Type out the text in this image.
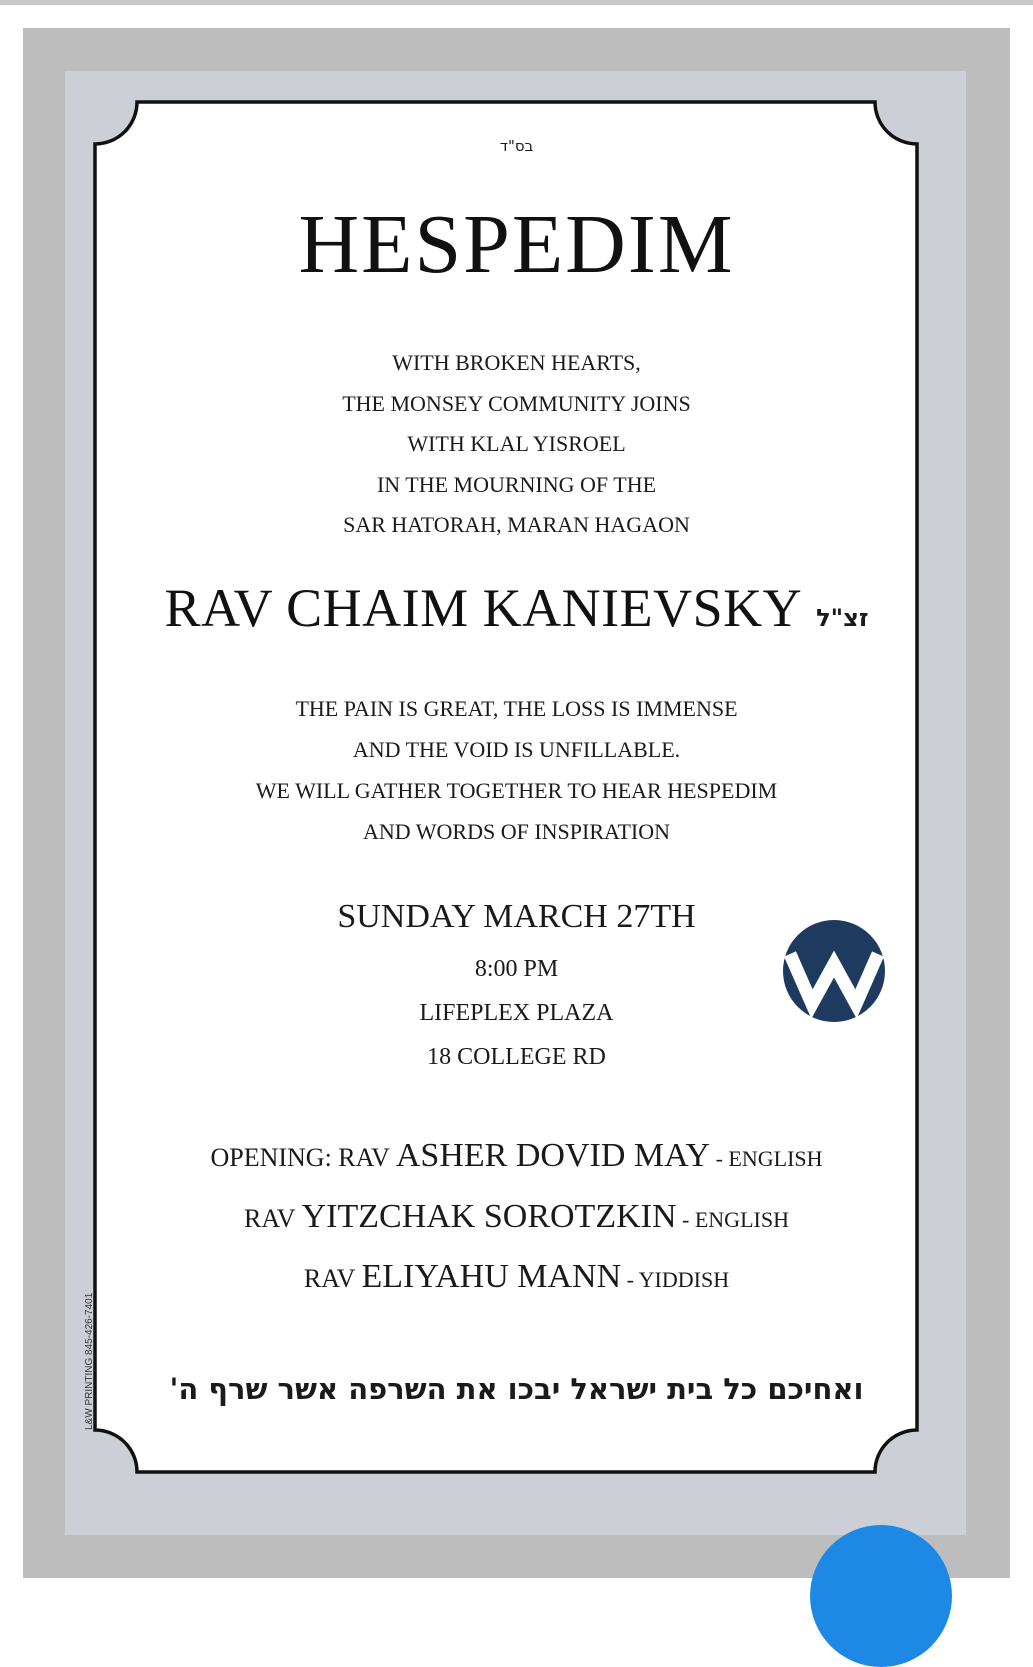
בס"ד
HESPEDIM
WITH BROKEN HEARTS,
THE MONSEY COMMUNITY JOINS
WITH KLAL YISROEL
IN THE MOURNING OF THE
SAR HATORAH, MARAN HAGAON
RAV CHAIM KANIEVSKY זצ"ל
THE PAIN IS GREAT, THE LOSS IS IMMENSE
AND THE VOID IS UNFILLABLE.
WE WILL GATHER TOGETHER TO HEAR HESPEDIM
AND WORDS OF INSPIRATION
SUNDAY MARCH 27TH
8:00 PM
LIFEPLEX PLAZA
18 COLLEGE RD
OPENING: RAV ASHER DOVID MAY - ENGLISH
RAV YITZCHAK SOROTZKIN - ENGLISH
RAV ELIYAHU MANN - YIDDISH
ואחיכם כל בית ישראל יבכו את השרפה אשר שרף ה'
L&W PRINTING 845-426-7401
